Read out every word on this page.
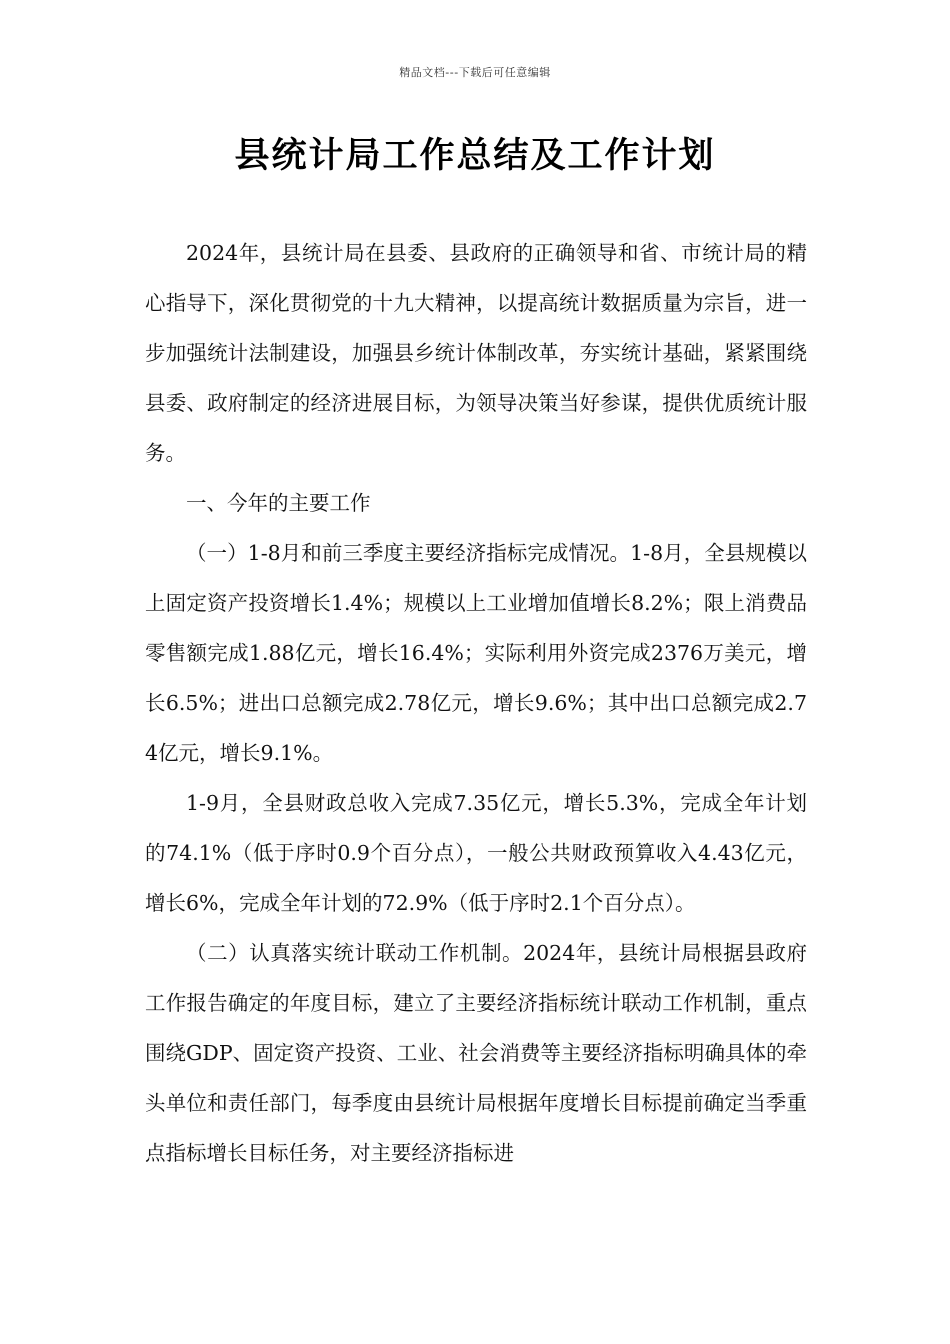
精品文档---下载后可任意编辑
县统计局工作总结及工作计划

2024年，县统计局在县委、县政府的正确领导和省、市统计局的精心指导下，深化贯彻党的十九大精神，以提高统计数据质量为宗旨，进一步加强统计法制建设，加强县乡统计体制改革，夯实统计基础，紧紧围绕县委、政府制定的经济进展目标，为领导决策当好参谋，提供优质统计服务。

一、今年的主要工作

（一）1-8月和前三季度主要经济指标完成情况。1-8月，全县规模以上固定资产投资增长1.4%；规模以上工业增加值增长8.2%；限上消费品零售额完成1.88亿元，增长16.4%；实际利用外资完成2376万美元，增长6.5%；进出口总额完成2.78亿元，增长9.6%；其中出口总额完成2.74亿元，增长9.1%。

1-9月，全县财政总收入完成7.35亿元，增长5.3%，完成全年计划的74.1%（低于序时0.9个百分点），一般公共财政预算收入4.43亿元，增长6%，完成全年计划的72.9%（低于序时2.1个百分点）。

（二）认真落实统计联动工作机制。2024年，县统计局根据县政府工作报告确定的年度目标，建立了主要经济指标统计联动工作机制，重点围绕GDP、固定资产投资、工业、社会消费等主要经济指标明确具体的牵头单位和责任部门，每季度由县统计局根据年度增长目标提前确定当季重点指标增长目标任务，对主要经济指标进
